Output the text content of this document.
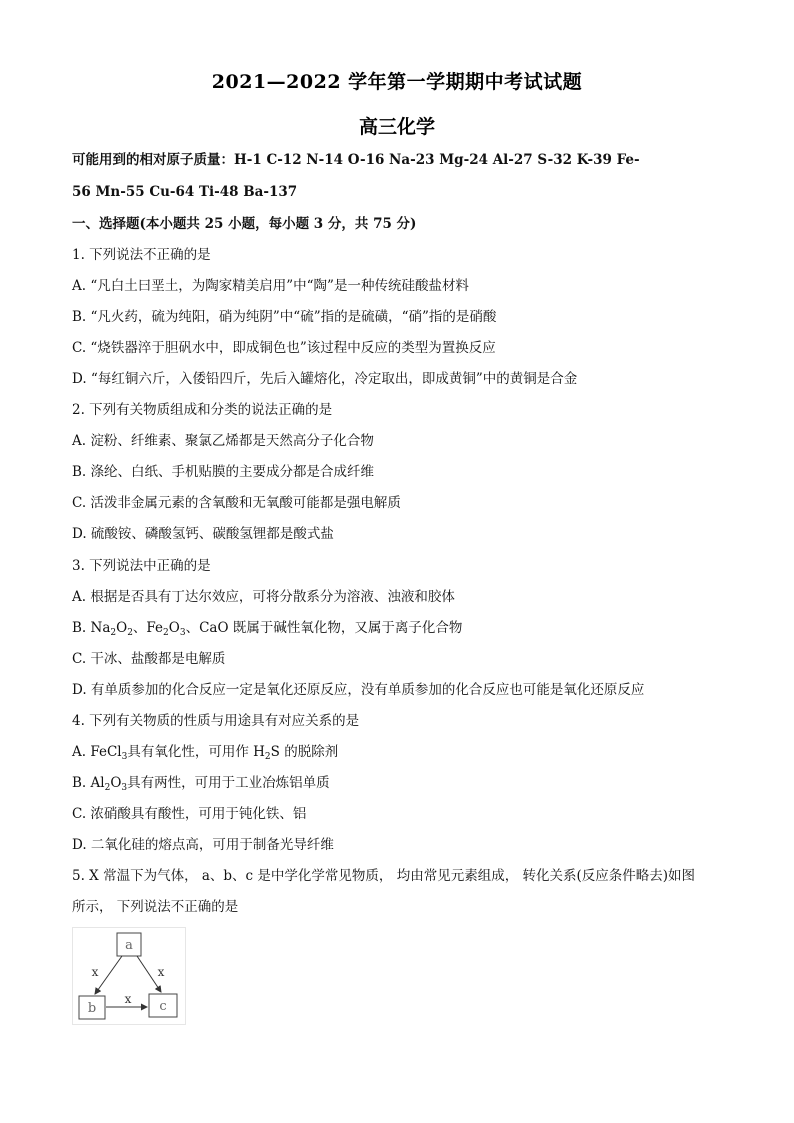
2021—2022 学年第一学期期中考试试题
高三化学
可能用到的相对原子质量：H-1 C-12 N-14 O-16 Na-23 Mg-24 Al-27 S-32 K-39 Fe-
56 Mn-55 Cu-64 Ti-48 Ba-137
一、选择题(本小题共 25 小题，每小题 3 分，共 75 分)
1. 下列说法不正确的是
A. “凡白土曰垩土，为陶家精美启用”中“陶”是一种传统硅酸盐材料
B. “凡火药，硫为纯阳，硝为纯阴”中“硫”指的是硫磺，“硝”指的是硝酸
C. “烧铁器淬于胆矾水中，即成铜色也”该过程中反应的类型为置换反应
D. “每红铜六斤，入倭铅四斤，先后入罐熔化，冷定取出，即成黄铜”中的黄铜是合金
2. 下列有关物质组成和分类的说法正确的是
A. 淀粉、纤维素、聚氯乙烯都是天然高分子化合物
B. 涤纶、白纸、手机贴膜的主要成分都是合成纤维
C. 活泼非金属元素的含氧酸和无氧酸可能都是强电解质
D. 硫酸铵、磷酸氢钙、碳酸氢锂都是酸式盐
3. 下列说法中正确的是
A. 根据是否具有丁达尔效应，可将分散系分为溶液、浊液和胶体
B. $Na_2O_2$、$Fe_2O_3$、CaO 既属于碱性氧化物，又属于离子化合物
C. 干冰、盐酸都是电解质
D. 有单质参加的化合反应一定是氧化还原反应，没有单质参加的化合反应也可能是氧化还原反应
4. 下列有关物质的性质与用途具有对应关系的是
A. FeCl$_3$具有氧化性，可用作 $H_2S$ 的脱除剂
B. $Al_2O_3$具有两性，可用于工业冶炼铝单质
C. 浓硝酸具有酸性，可用于钝化铁、铝
D. 二氧化硅的熔点高，可用于制备光导纤维
5. X 常温下为气体， a、b、c 是中学化学常见物质， 均由常见元素组成， 转化关系(反应条件略去)如图
所示， 下列说法不正确的是
a
b	c
x	x
x
